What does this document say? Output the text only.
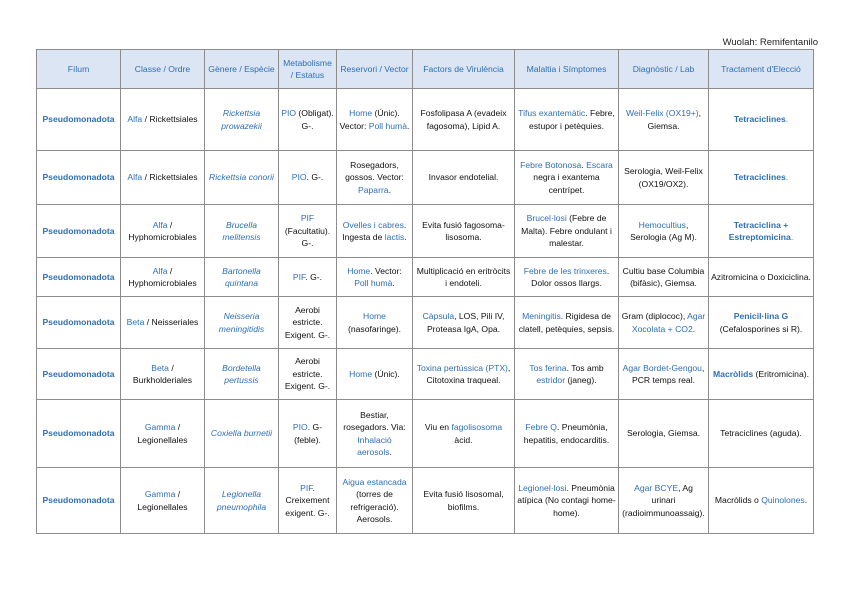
Wuolah: Remifentanilo
Fílum	Classe / Ordre	Gènere / Espècie	Metabolisme / Estatus	Reservori / Vector	Factors de Virulència	Malaltia i Símptomes	Diagnòstic / Lab	Tractament d'Elecció
Pseudomonadota	Alfa / Rickettsiales	Rickettsia prowazekii	PIO (Obligat). G-.	Home (Únic). Vector: Poll humà.	Fosfolipasa A (evadeix fagosoma), Lipid A.	Tifus exantemàtic. Febre, estupor i petèquies.	Weil-Felix (OX19+), Giemsa.	Tetraciclines.
Pseudomonadota	Alfa / Rickettsiales	Rickettsia conorii	PIO. G-.	Rosegadors, gossos. Vector: Paparra.	Invasor endotelial.	Febre Botonosa. Escara negra i exantema centrípet.	Serologia, Weil-Felix (OX19/OX2).	Tetraciclines.
Pseudomonadota	Alfa / Hyphomicrobiales	Brucella melitensis	PIF (Facultatiu). G-.	Ovelles i cabres. Ingesta de lactis.	Evita fusió fagosoma-lisosoma.	Brucel·losi (Febre de Malta). Febre ondulant i malestar.	Hemocultius, Serologia (Ag M).	Tetraciclina + Estreptomicina.
Pseudomonadota	Alfa / Hyphomicrobiales	Bartonella quintana	PIF. G-.	Home. Vector: Poll humà.	Multiplicació en eritròcits i endoteli.	Febre de les trinxeres. Dolor ossos llargs.	Cultiu base Columbia (bifàsic), Giemsa.	Azitromicina o Doxiciclina.
Pseudomonadota	Beta / Neisseriales	Neisseria meningitidis	Aerobi estricte. Exigent. G-.	Home (nasofaringe).	Càpsula, LOS, Pili IV, Proteasa IgA, Opa.	Meningitis. Rigidesa de clatell, petèquies, sepsis.	Gram (diplococ), Agar Xocolata + CO2.	Penicil·lina G (Cefalosporines si R).
Pseudomonadota	Beta / Burkholderiales	Bordetella pertussis	Aerobi estricte. Exigent. G-.	Home (Únic).	Toxina pertússica (PTX), Citotoxina traqueal.	Tos ferina. Tos amb estridor (janeg).	Agar Bordet-Gengou, PCR temps real.	Macròlids (Eritromicina).
Pseudomonadota	Gamma / Legionellales	Coxiella burnetii	PIO. G- (feble).	Bestiar, rosegadors. Via: Inhalació aerosols.	Viu en fagolisosoma àcid.	Febre Q. Pneumònia, hepatitis, endocarditis.	Serologia, Giemsa.	Tetraciclines (aguda).
Pseudomonadota	Gamma / Legionellales	Legionella pneumophila	PIF. Creixement exigent. G-.	Aigua estancada (torres de refrigeració). Aerosols.	Evita fusió lisosomal, biofilms.	Legionel·losi. Pneumònia atípica (No contagi home-home).	Agar BCYE, Ag urinari (radioimmunoassaig).	Macròlids o Quinolones.
